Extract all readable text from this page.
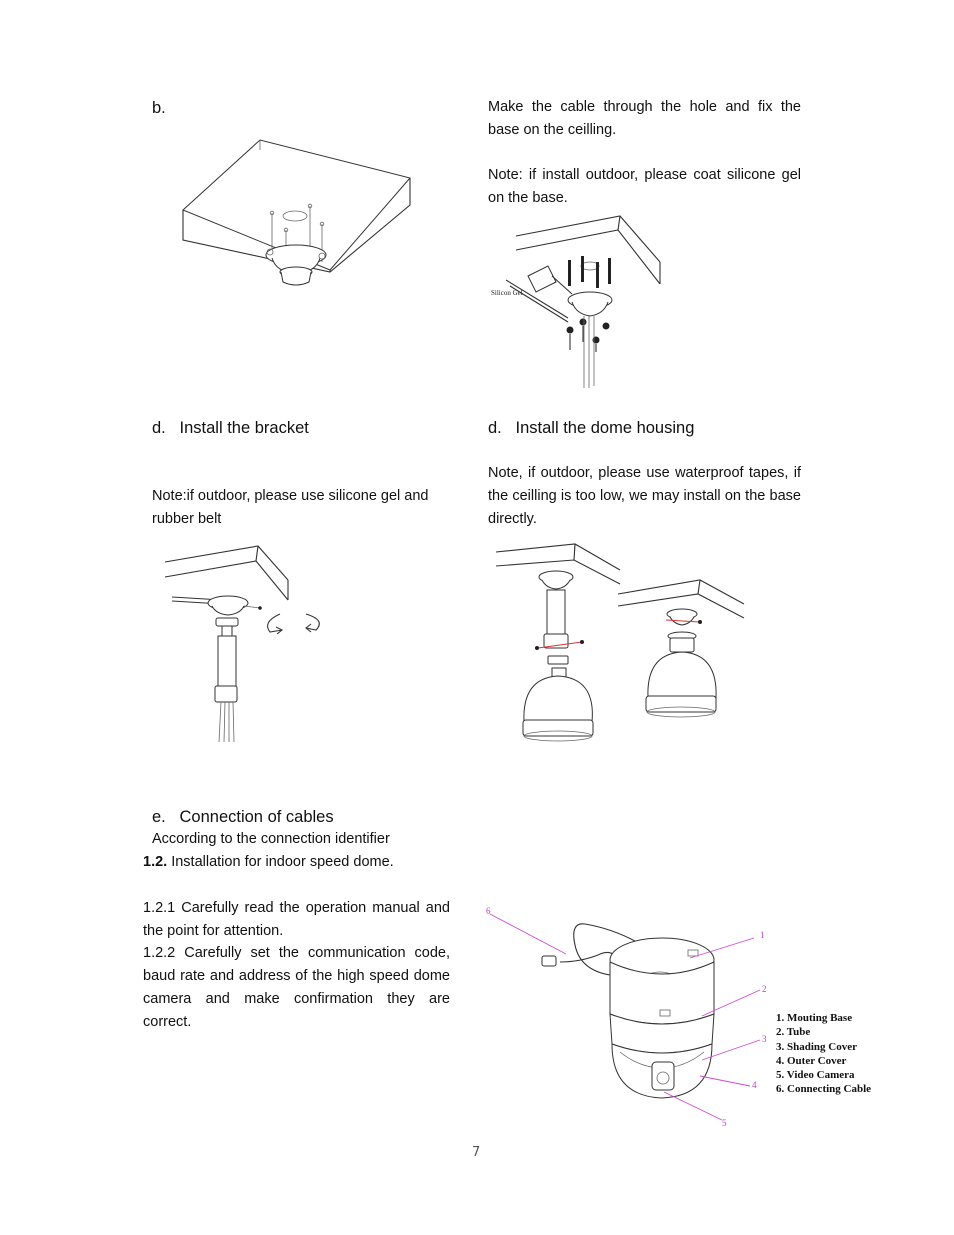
b.	Make the cable through the hole and fix the base on the ceilling.

Note: if install outdoor, please coat silicone gel on the base.

Silicon Gel
d.   Install the bracket	d.   Install the dome housing

Note:if outdoor, please use silicone gel and rubber belt

Note, if outdoor, please use waterproof tapes, if the ceilling is too low, we may install on the base directly.

e.   Connection of cables
According to the connection identifier
1.2. Installation for indoor speed dome.

1.2.1 Carefully read the operation manual and the point for attention.

1.2.2 Carefully set the communication code, baud rate and address of the high speed dome camera and make confirmation they are correct.

6
1
2
3
4
5
1. Mouting Base
2. Tube
3. Shading Cover
4. Outer Cover
5. Video Camera
6. Connecting Cable
7
